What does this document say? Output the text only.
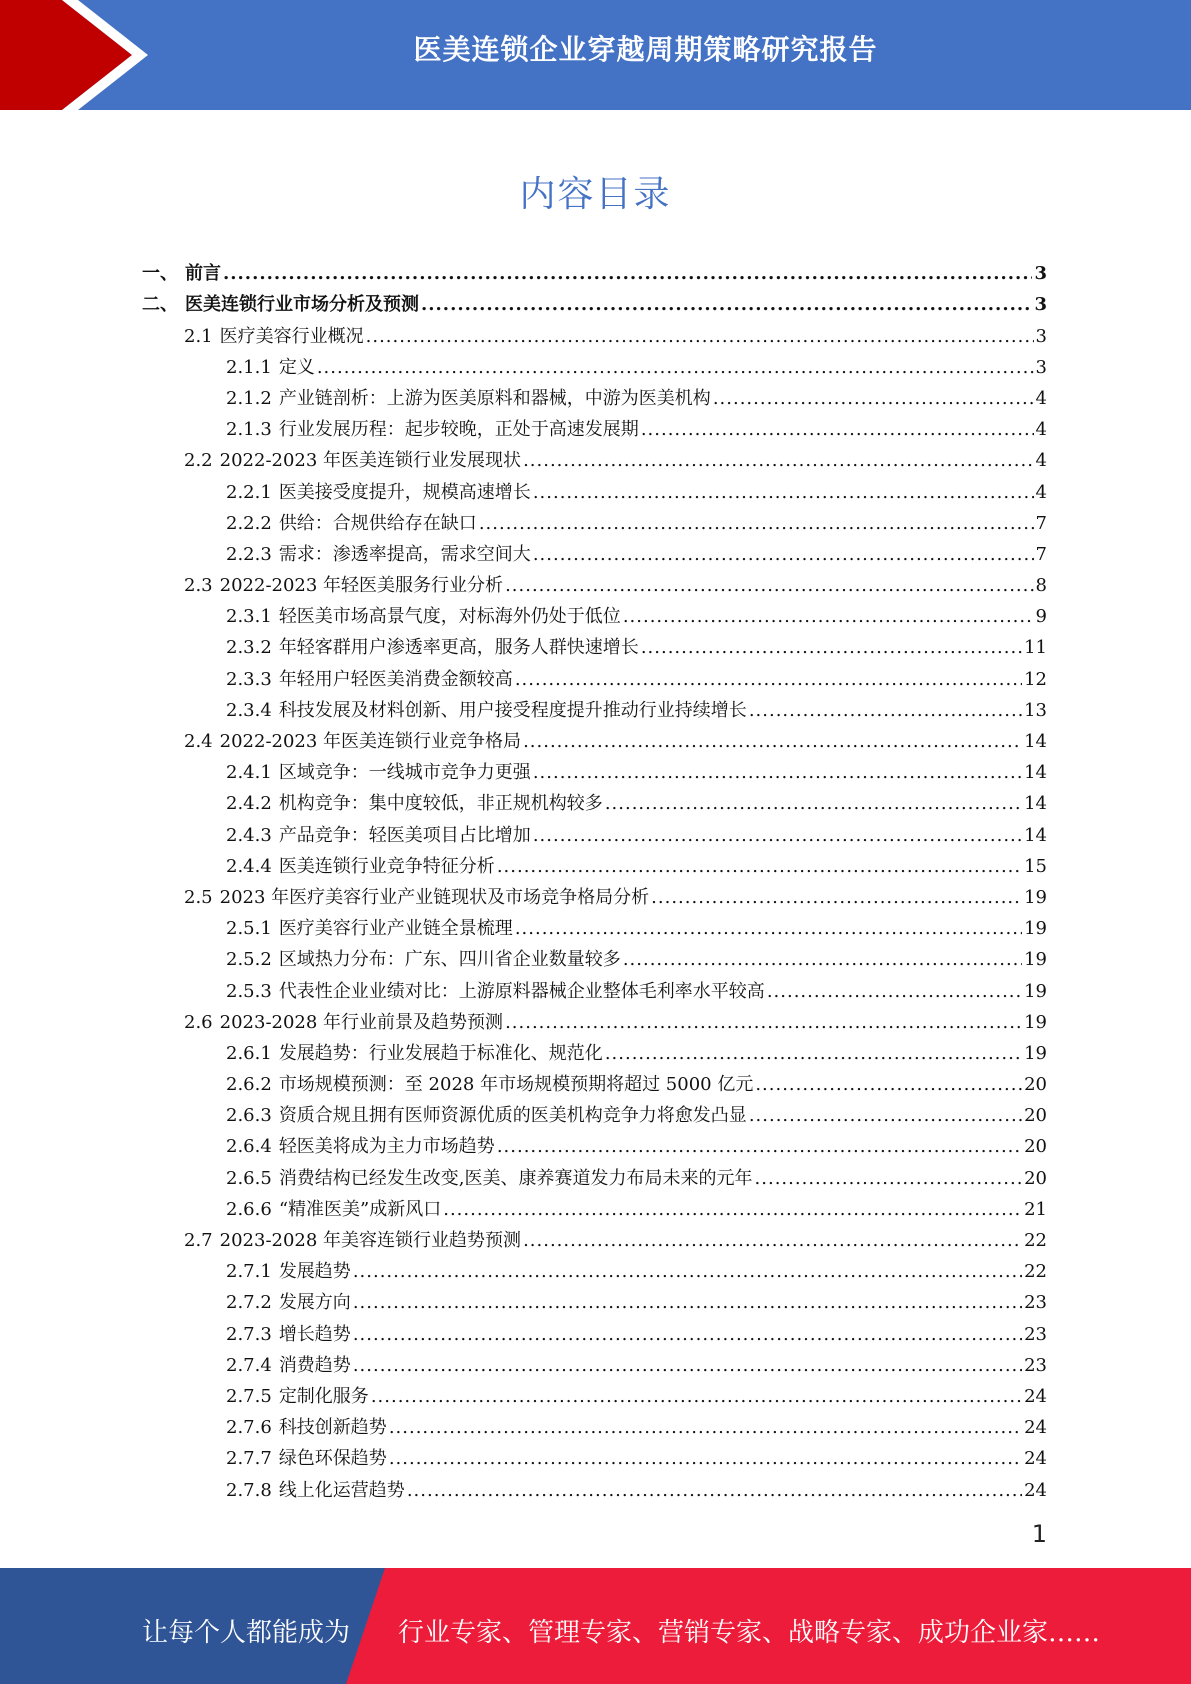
医美连锁企业穿越周期策略研究报告
内容目录
一、 前言 .....	3
二、 医美连锁行业市场分析及预测 .....	3
2.1 医疗美容行业概况 .....	3
2.1.1 定义 .....	3
2.1.2 产业链剖析：上游为医美原料和器械，中游为医美机构 .....	4
2.1.3 行业发展历程：起步较晚，正处于高速发展期 .....	4
2.2 2022-2023 年医美连锁行业发展现状 .....	4
2.2.1 医美接受度提升，规模高速增长 .....	4
2.2.2 供给：合规供给存在缺口 .....	7
2.2.3 需求：渗透率提高，需求空间大 .....	7
2.3 2022-2023 年轻医美服务行业分析 .....	8
2.3.1 轻医美市场高景气度，对标海外仍处于低位 .....	9
2.3.2 年轻客群用户渗透率更高，服务人群快速增长 .....	11
2.3.3 年轻用户轻医美消费金额较高 .....	12
2.3.4 科技发展及材料创新、用户接受程度提升推动行业持续增长 .....	13
2.4 2022-2023 年医美连锁行业竞争格局 .....	14
2.4.1 区域竞争：一线城市竞争力更强 .....	14
2.4.2 机构竞争：集中度较低，非正规机构较多 .....	14
2.4.3 产品竞争：轻医美项目占比增加 .....	14
2.4.4 医美连锁行业竞争特征分析 .....	15
2.5 2023 年医疗美容行业产业链现状及市场竞争格局分析 .....	19
2.5.1 医疗美容行业产业链全景梳理 .....	19
2.5.2 区域热力分布：广东、四川省企业数量较多 .....	19
2.5.3 代表性企业业绩对比：上游原料器械企业整体毛利率水平较高 .....	19
2.6 2023-2028 年行业前景及趋势预测 .....	19
2.6.1 发展趋势：行业发展趋于标准化、规范化 .....	19
2.6.2 市场规模预测：至 2028 年市场规模预期将超过 5000 亿元 .....	20
2.6.3 资质合规且拥有医师资源优质的医美机构竞争力将愈发凸显 .....	20
2.6.4 轻医美将成为主力市场趋势 .....	20
2.6.5 消费结构已经发生改变,医美、康养赛道发力布局未来的元年 .....	20
2.6.6 “精准医美”成新风口 .....	21
2.7 2023-2028 年美容连锁行业趋势预测 .....	22
2.7.1 发展趋势 .....	22
2.7.2 发展方向 .....	23
2.7.3 增长趋势 .....	23
2.7.4 消费趋势 .....	23
2.7.5 定制化服务 .....	24
2.7.6 科技创新趋势 .....	24
2.7.7 绿色环保趋势 .....	24
2.7.8 线上化运营趋势 .....	24
1
让每个人都能成为 行业专家、管理专家、营销专家、战略专家、成功企业家……
